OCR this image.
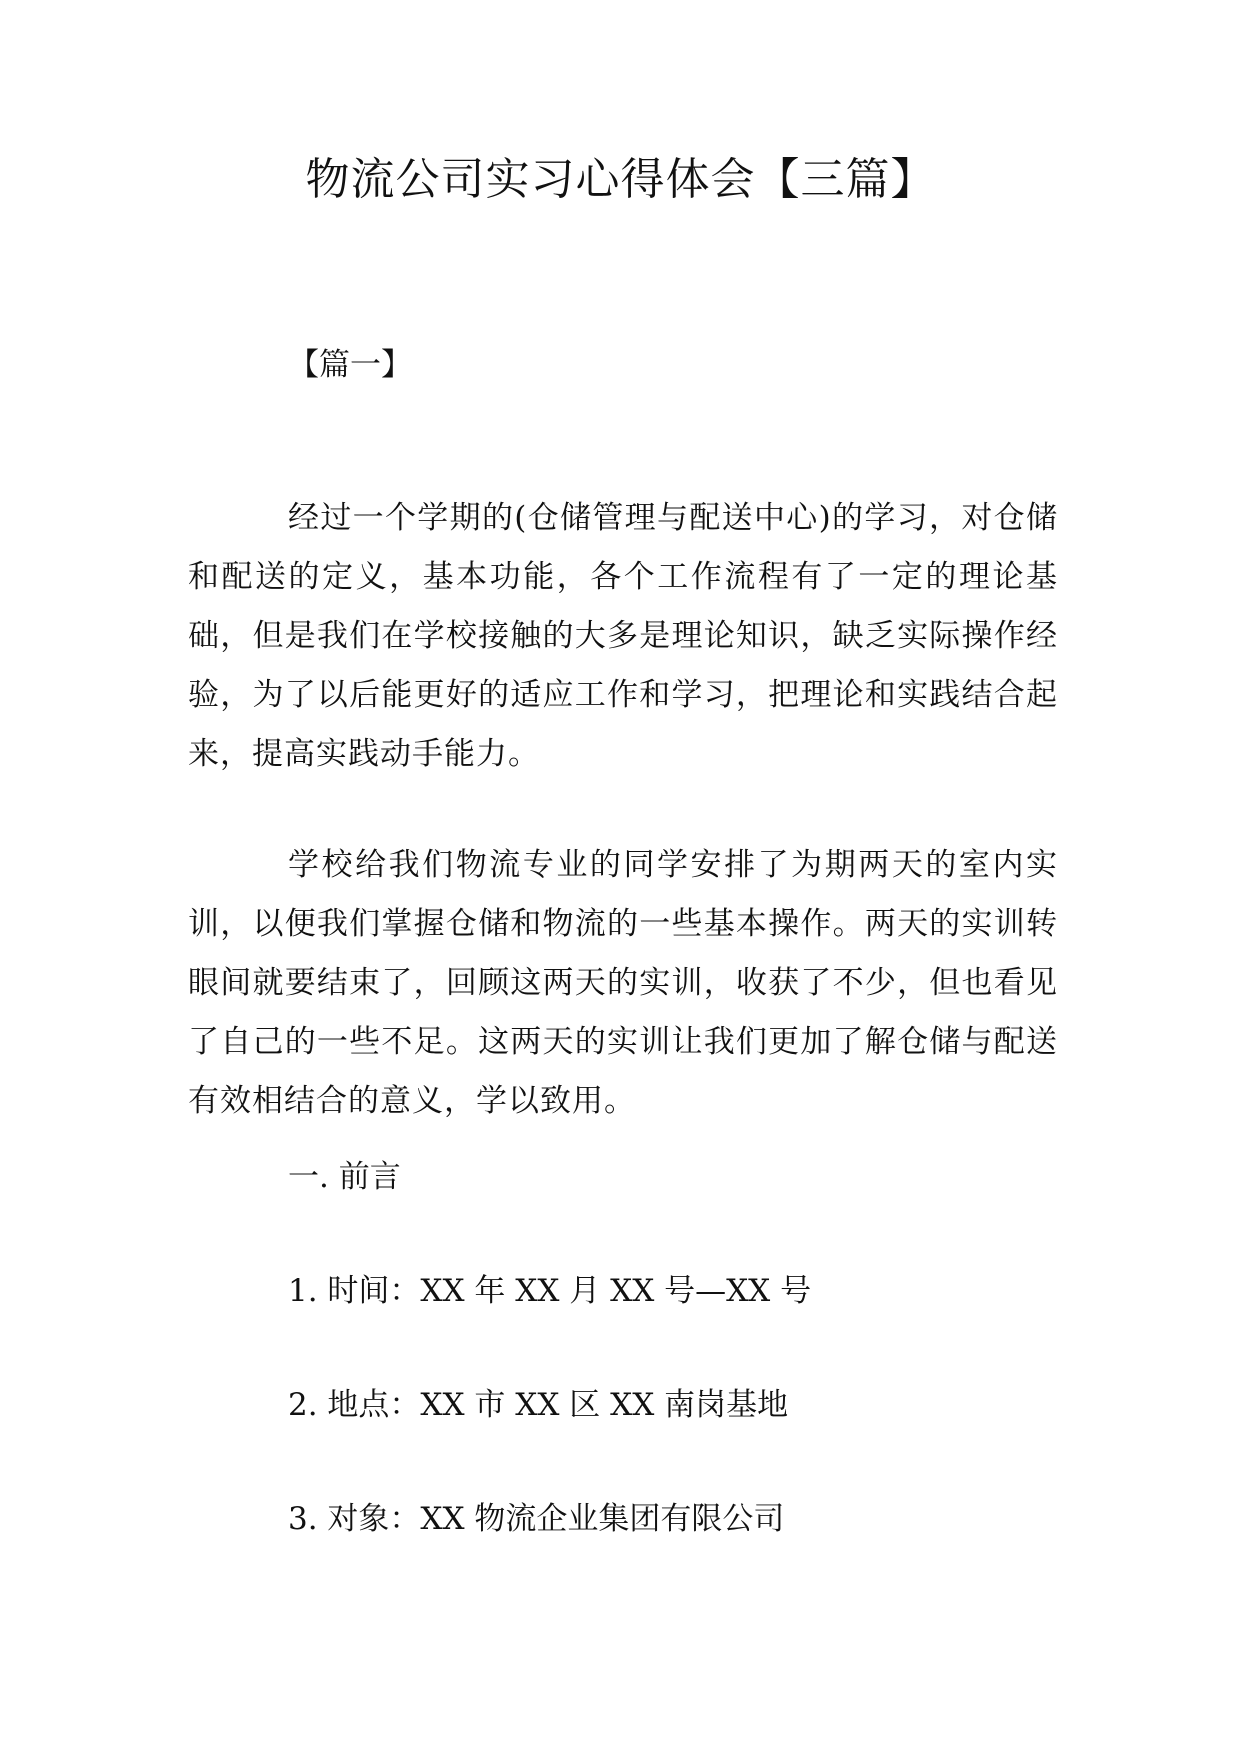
物流公司实习心得体会【三篇】
【篇一】

经过一个学期的(仓储管理与配送中心)的学习，对仓储和配送的定义，基本功能，各个工作流程有了一定的理论基础，但是我们在学校接触的大多是理论知识，缺乏实际操作经验，为了以后能更好的适应工作和学习，把理论和实践结合起来，提高实践动手能力。

学校给我们物流专业的同学安排了为期两天的室内实训，以便我们掌握仓储和物流的一些基本操作。两天的实训转眼间就要结束了，回顾这两天的实训，收获了不少，但也看见了自己的一些不足。这两天的实训让我们更加了解仓储与配送有效相结合的意义，学以致用。

一. 前言
1. 时间：XX 年 XX 月 XX 号—XX 号
2. 地点：XX 市 XX 区 XX 南岗基地
3. 对象：XX 物流企业集团有限公司
